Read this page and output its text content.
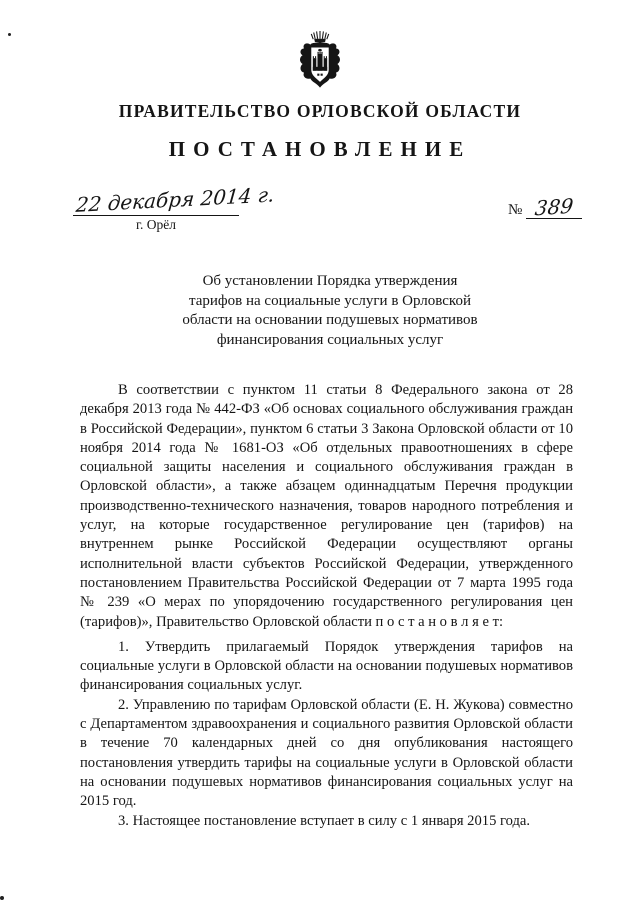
ПРАВИТЕЛЬСТВО ОРЛОВСКОЙ ОБЛАСТИ
ПОСТАНОВЛЕНИЕ
22 декабря 2014 г.
г. Орёл
№ 389
Об установлении Порядка утверждения
тарифов на социальные услуги в Орловской
области на основании подушевых нормативов
финансирования социальных услуг

В соответствии с пунктом 11 статьи 8 Федерального закона от 28 декабря 2013 года № 442-ФЗ «Об основах социального обслуживания граждан в Российской Федерации», пунктом 6 статьи 3 Закона Орловской области от 10 ноября 2014 года № 1681-ОЗ «Об отдельных правоотношениях в сфере социальной защиты населения и социального обслуживания граждан в Орловской области», а также абзацем одиннадцатым Перечня продукции производственно-технического назначения, товаров народного потребления и услуг, на которые государственное регулирование цен (тарифов) на внутреннем рынке Российской Федерации осуществляют органы исполнительной власти субъектов Российской Федерации, утвержденного постановлением Правительства Российской Федерации от 7 марта 1995 года № 239 «О мерах по упорядочению государственного регулирования цен (тарифов)», Правительство Орловской области п о с т а н о в л я е т:

1. Утвердить прилагаемый Порядок утверждения тарифов на социальные услуги в Орловской области на основании подушевых нормативов финансирования социальных услуг.

2. Управлению по тарифам Орловской области (Е. Н. Жукова) совместно с Департаментом здравоохранения и социального развития Орловской области в течение 70 календарных дней со дня опубликования настоящего постановления утвердить тарифы на социальные услуги в Орловской области на основании подушевых нормативов финансирования социальных услуг на 2015 год.

3. Настоящее постановление вступает в силу с 1 января 2015 года.
